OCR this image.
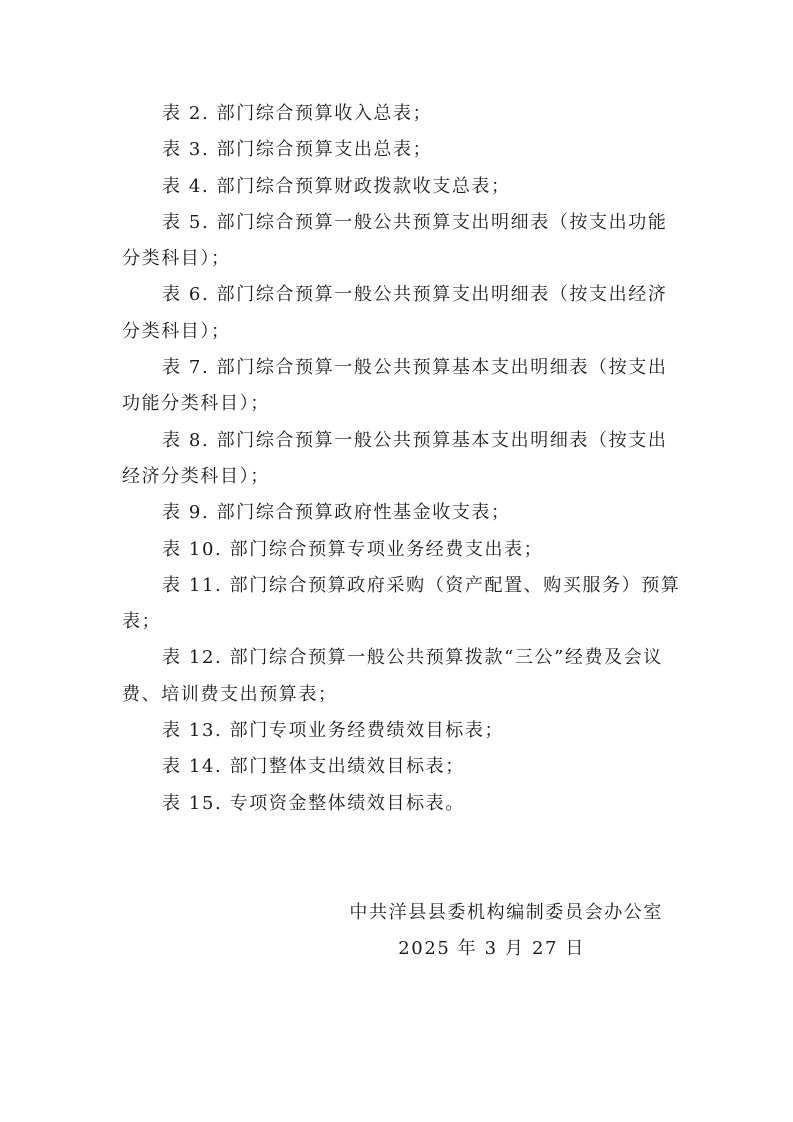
表 2. 部门综合预算收入总表；

表 3. 部门综合预算支出总表；

表 4. 部门综合预算财政拨款收支总表；

表 5. 部门综合预算一般公共预算支出明细表（按支出功能分类科目）；

表 6. 部门综合预算一般公共预算支出明细表（按支出经济分类科目）；

表 7. 部门综合预算一般公共预算基本支出明细表（按支出功能分类科目）；

表 8. 部门综合预算一般公共预算基本支出明细表（按支出经济分类科目）；

表 9. 部门综合预算政府性基金收支表；

表 10. 部门综合预算专项业务经费支出表；

表 11. 部门综合预算政府采购（资产配置、购买服务）预算表；

表 12. 部门综合预算一般公共预算拨款“三公”经费及会议费、培训费支出预算表；

表 13. 部门专项业务经费绩效目标表；

表 14. 部门整体支出绩效目标表；

表 15. 专项资金整体绩效目标表。

中共洋县县委机构编制委员会办公室
2025 年 3 月 27 日
